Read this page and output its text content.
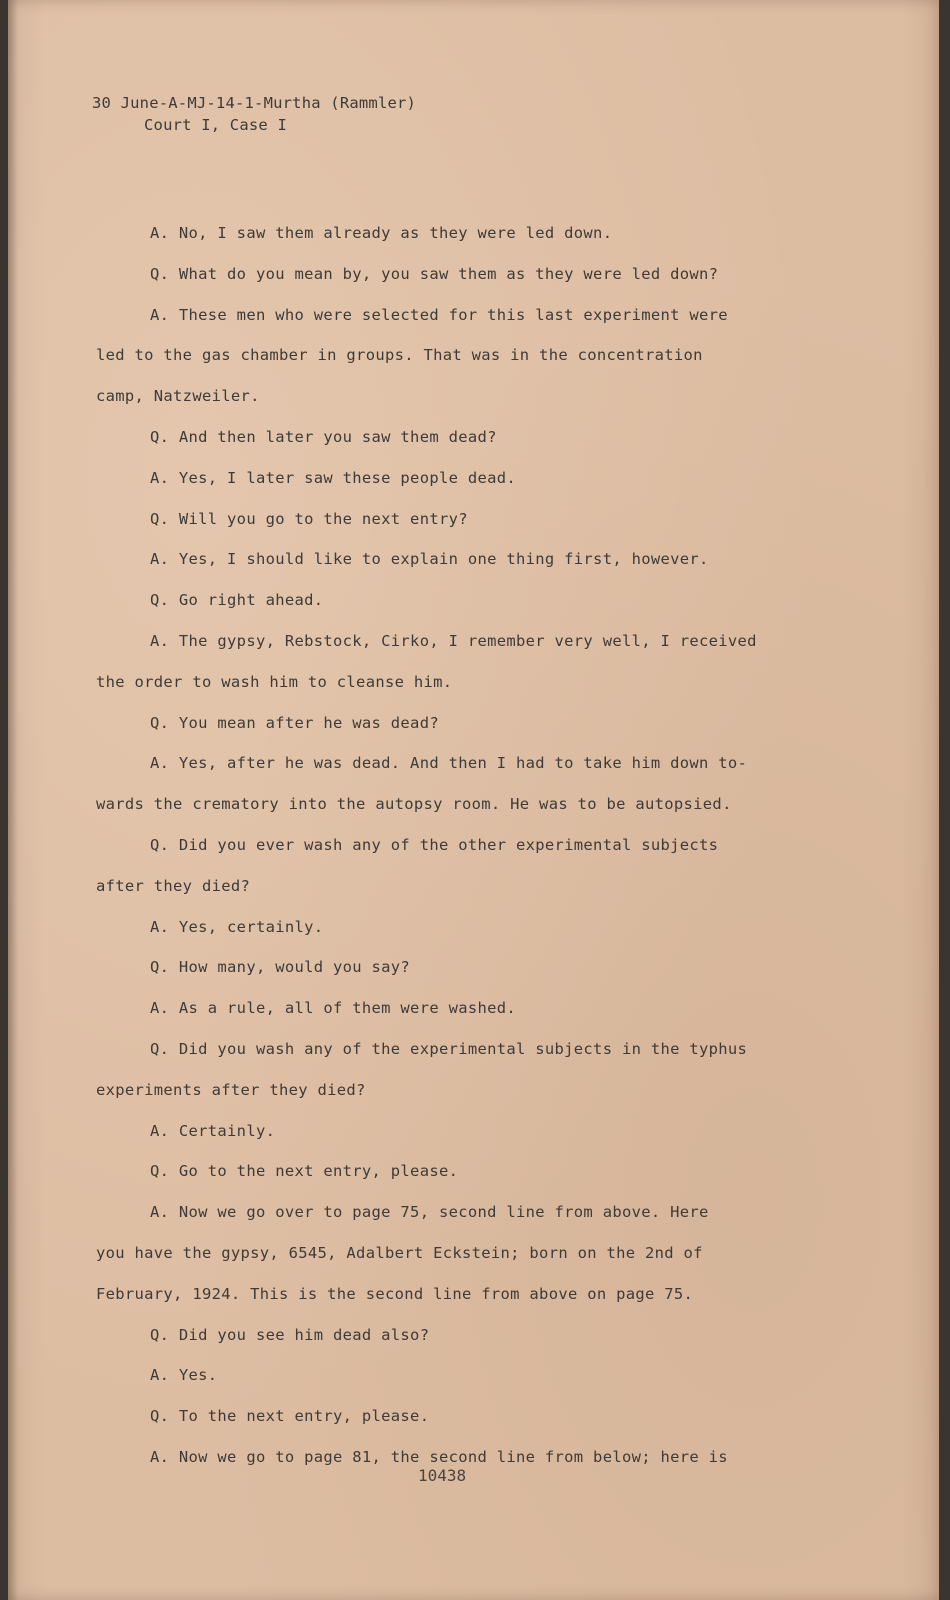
30 June-A-MJ-14-1-Murtha (Rammler)
Court I, Case I
A. No, I saw them already as they were led down.
Q. What do you mean by, you saw them as they were led down?
A. These men who were selected for this last experiment were
led to the gas chamber in groups. That was in the concentration
camp, Natzweiler.
Q. And then later you saw them dead?
A. Yes, I later saw these people dead.
Q. Will you go to the next entry?
A. Yes, I should like to explain one thing first, however.
Q. Go right ahead.
A. The gypsy, Rebstock, Cirko, I remember very well, I received
the order to wash him to cleanse him.
Q. You mean after he was dead?
A. Yes, after he was dead. And then I had to take him down to-
wards the crematory into the autopsy room. He was to be autopsied.
Q. Did you ever wash any of the other experimental subjects
after they died?
A. Yes, certainly.
Q. How many, would you say?
A. As a rule, all of them were washed.
Q. Did you wash any of the experimental subjects in the typhus
experiments after they died?
A. Certainly.
Q. Go to the next entry, please.
A. Now we go over to page 75, second line from above. Here
you have the gypsy, 6545, Adalbert Eckstein; born on the 2nd of
February, 1924. This is the second line from above on page 75.
Q. Did you see him dead also?
A. Yes.
Q. To the next entry, please.
A. Now we go to page 81, the second line from below; here is
10438
